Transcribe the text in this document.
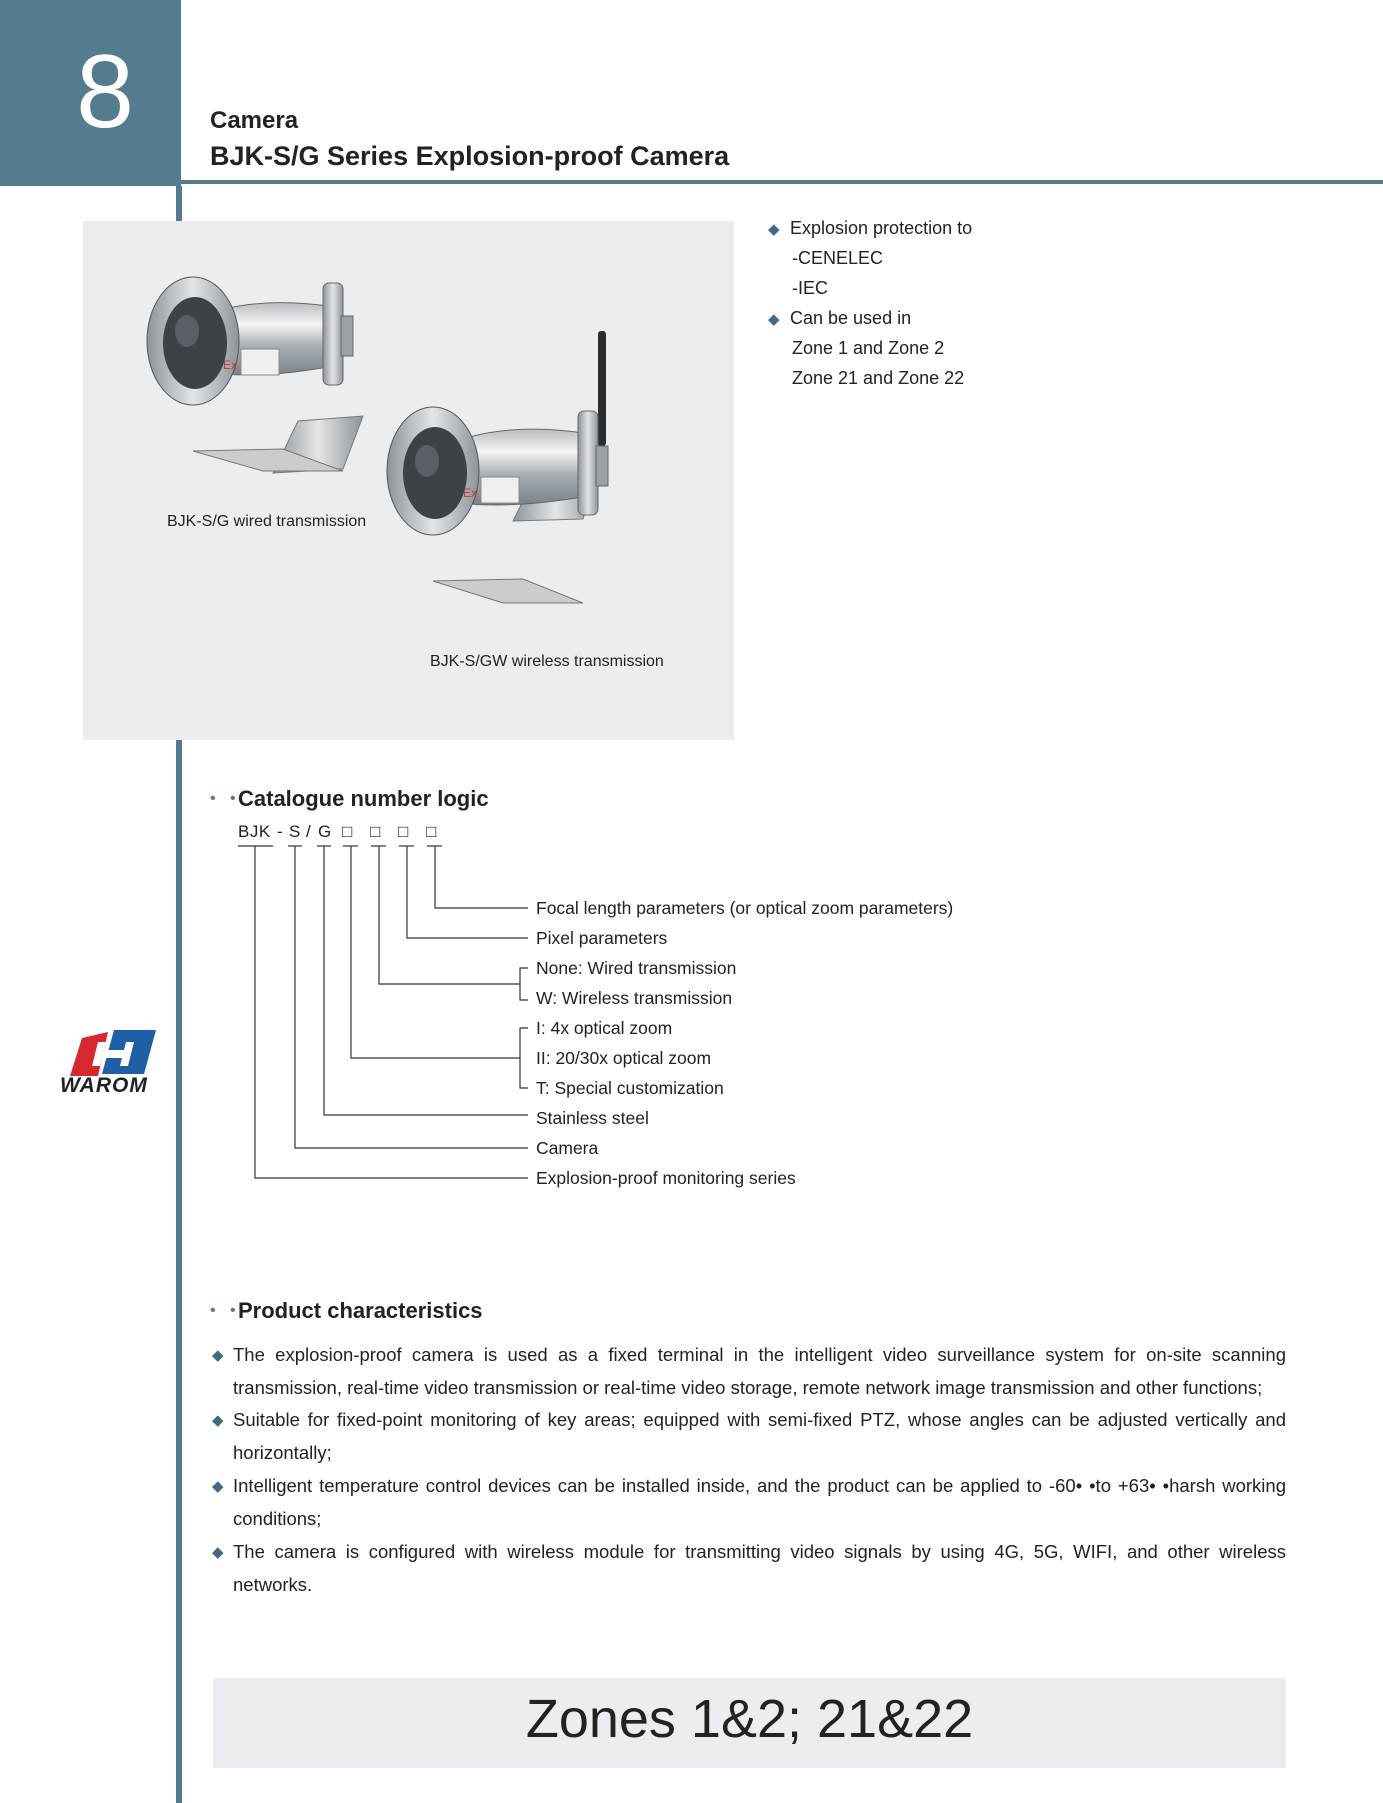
8	Camera
BJK-S/G Series Explosion-proof Camera
Ex
Ex
BJK-S/G wired transmission
BJK-S/GW wireless transmission
◆ Explosion protection to
-CENELEC
-IEC
◆ Can be used in
Zone 1 and Zone 2
Zone 21 and Zone 22
• • Catalogue number logic
BJK - S / G □ □ □ □
Focal length parameters (or optical zoom parameters)
Pixel parameters
None: Wired transmission
W: Wireless transmission
I: 4x optical zoom
II: 20/30x optical zoom
T: Special customization
Stainless steel
Camera
Explosion-proof monitoring series
WAROM
• • Product characteristics
◆ The explosion-proof camera is used as a fixed terminal in the intelligent video surveillance system for on-site scanning transmission, real-time video transmission or real-time video storage, remote network image transmission and other functions;
◆ Suitable for fixed-point monitoring of key areas; equipped with semi-fixed PTZ, whose angles can be adjusted vertically and horizontally;
◆ Intelligent temperature control devices can be installed inside, and the product can be applied to -60• •to +63• •harsh working conditions;
◆ The camera is configured with wireless module for transmitting video signals by using 4G, 5G, WIFI, and other wireless networks.
Zones 1&2; 21&22
